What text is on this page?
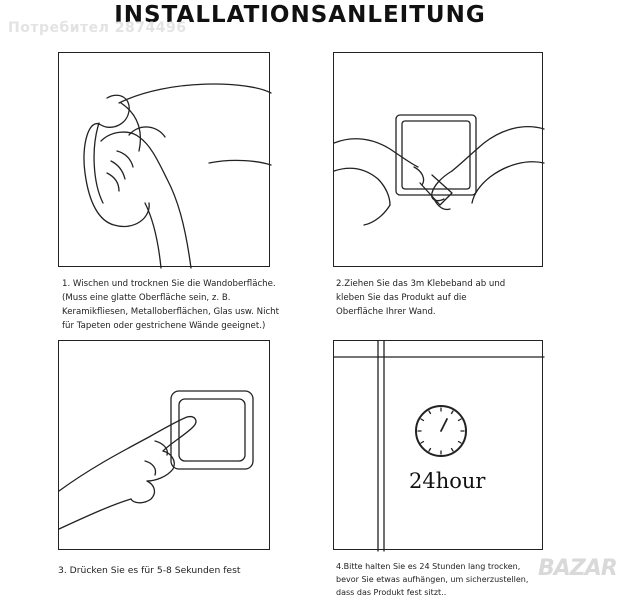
INSTALLATIONSANLEITUNG
Потребител 2874496
1. Wischen und trocknen Sie die Wandoberfläche.
(Muss eine glatte Oberfläche sein, z. B.
Keramikfliesen, Metalloberflächen, Glas usw. Nicht
für Tapeten oder gestrichene Wände geeignet.)
2.Ziehen Sie das 3m Klebeband ab und
kleben Sie das Produkt auf die
Oberfläche Ihrer Wand.
3. Drücken Sie es für 5-8 Sekunden fest
24hour
4.Bitte halten Sie es 24 Stunden lang trocken,
bevor Sie etwas aufhängen, um sicherzustellen,
dass das Produkt fest sitzt..
BAZAR
